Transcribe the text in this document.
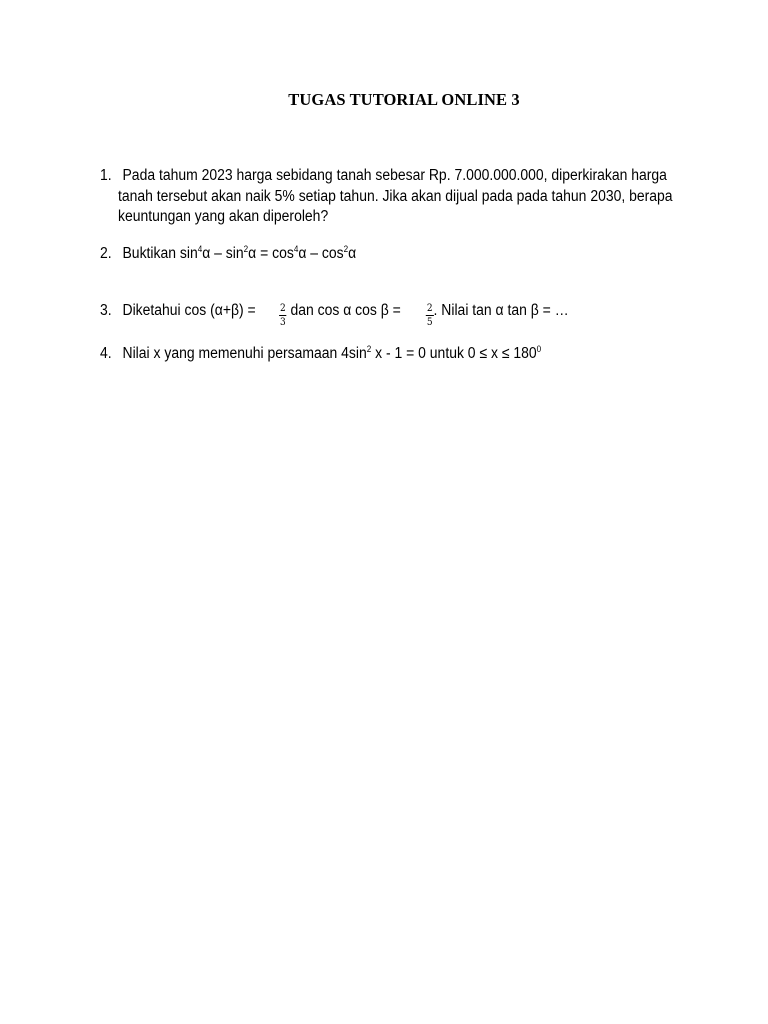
TUGAS TUTORIAL ONLINE 3
1. Pada tahum 2023 harga sebidang tanah sebesar Rp. 7.000.000.000, diperkirakan harga
tanah tersebut akan naik 5% setiap tahun. Jika akan dijual pada pada tahun 2030, berapa
keuntungan yang akan diperoleh?
2. Buktikan $\sin^4\alpha - \sin^2\alpha = \cos^4\alpha - \cos^2\alpha$
3. Diketahui $\cos (\alpha+\beta) = \frac{2}{3}$ dan cos α cos β =	$\frac{2}{5}$ . Nilai tan α tan β = …
4. Nilai x yang memenuhi persamaan $4\sin^2$ x - 1 = 0 untuk $0 \le x \le 180^0$
